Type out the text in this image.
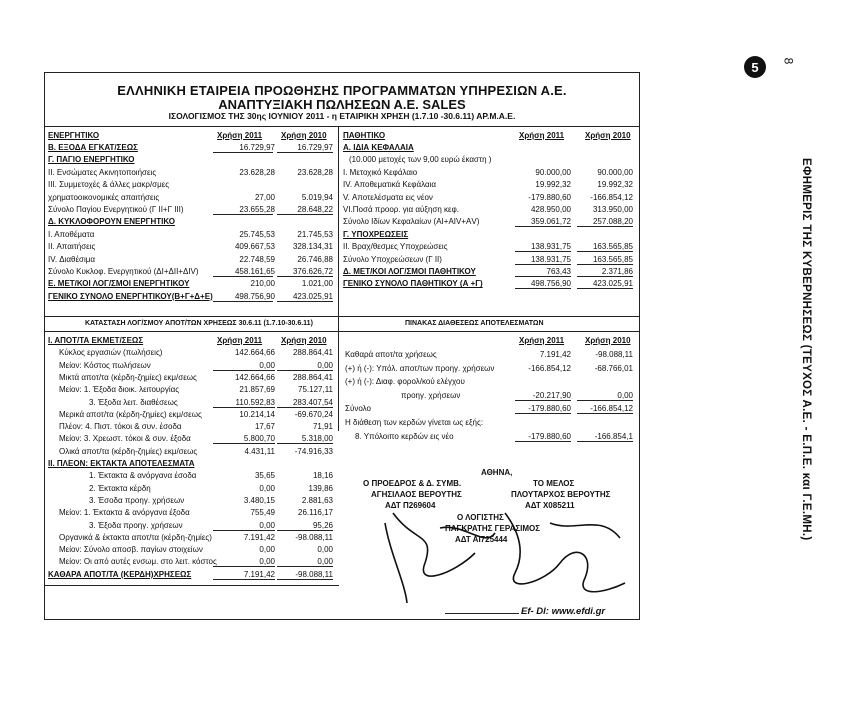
8
5
ΕΦΗΜΕΡΙΣ ΤΗΣ ΚΥΒΕΡΝΗΣΕΩΣ (ΤΕΥΧΟΣ Α.Ε. - Ε.Π.Ε. και Γ.Ε.ΜΗ.)
ΕΛΛΗΝΙΚΗ ΕΤΑΙΡΕΙΑ ΠΡΟΩΘΗΣΗΣ ΠΡΟΓΡΑΜΜΑΤΩΝ ΥΠΗΡΕΣΙΩΝ Α.Ε.
ΑΝΑΠΤΥΞΙΑΚΗ ΠΩΛΗΣΕΩΝ Α.Ε. SALES
ΙΣΟΛΟΓΙΣΜΟΣ ΤΗΣ 30ης ΙΟΥΝΙΟΥ 2011 - η ΕΤΑΙΡΙΚΗ ΧΡΗΣΗ (1.7.10 -30.6.11) ΑΡ.Μ.Α.Ε.
ΕΝΕΡΓΗΤΙΚΟ	Χρήση 2011 Χρήση 2010 ΠΑΘΗΤΙΚΟ	Χρήση 2011	Χρήση 2010
Β. ΕΞΟΔΑ ΕΓΚΑΤ/ΣΕΩΣ	16.729,97	16.729,97
Γ. ΠΑΓΙΟ ΕΝΕΡΓΗΤΙΚΟ
ΙΙ. Ενσώματες Ακινητοποιήσεις	23.628,28	23.628,28
ΙΙΙ. Συμμετοχές & άλλες μακρ/σμες
χρηματοοικονομικές απαιτήσεις	27,00	5.019,94
Σύνολο Παγίου Ενεργητικού (Γ ΙΙ+Γ ΙΙΙ)	23.655,28	28.648,22
Δ. ΚΥΚΛΟΦΟΡΟΥΝ ΕΝΕΡΓΗΤΙΚΟ
Ι. Αποθέματα	25.745,53	21.745,53
ΙΙ. Απαιτήσεις	409.667,53	328.134,31
ΙV. Διαθέσιμα	22.748,59	26.746,88
Σύνολο Κυκλοφ. Ενεργητικού (ΔΙ+ΔΙΙ+ΔΙV)	458.161,65	376.626,72
Ε. ΜΕΤ/ΚΟΙ ΛΟΓ/ΣΜΟΙ ΕΝΕΡΓΗΤΙΚΟΥ	210,00	1.021,00
ΓΕΝΙΚΟ ΣΥΝΟΛΟ ΕΝΕΡΓΗΤΙΚΟΥ(Β+Γ+Δ+Ε)	498.756,90	423.025,91
Α. ΙΔΙΑ ΚΕΦΑΛΑΙΑ
(10.000 μετοχές των 9,00 ευρώ έκαστη )
Ι. Μετοχικό Κεφάλαιο	90.000,00	90.000,00
ΙV. Αποθεματικά Κεφάλαια	19.992,32	19.992,32
V. Αποτελέσματα εις νέον	-179.880,60	-166.854,12
VI.Ποσά προορ. για αύξηση κεφ.	428.950,00	313.950,00
Σύνολο Ιδίων Κεφαλαίων (ΑΙ+ΑΙV+ΑV)	359.061,72	257.088,20
Γ. ΥΠΟΧΡΕΩΣΕΙΣ
ΙΙ. Βραχ/θεσμες Υποχρεώσεις	138.931,75	163.565,85
Σύνολο Υποχρεώσεων (Γ ΙΙ)	138.931,75	163.565,85
Δ. ΜΕΤ/ΚΟΙ ΛΟΓ/ΣΜΟΙ ΠΑΘΗΤΙΚΟΥ	763,43	2.371,86
ΓΕΝΙΚΟ ΣΥΝΟΛΟ ΠΑΘΗΤΙΚΟΥ (Α +Γ)	498.756,90	423.025,91
ΚΑΤΑΣΤΑΣΗ ΛΟΓ/ΣΜΟΥ ΑΠΟΤ/ΤΩΝ ΧΡΗΣΕΩΣ 30.6.11 (1.7.10-30.6.11)	ΠΙΝΑΚΑΣ ΔΙΑΘΕΣΕΩΣ ΑΠΟΤΕΛΕΣΜΑΤΩΝ
Χρήση 2011 Χρήση 2010
Ι. ΑΠΟΤ/ΤΑ ΕΚΜΕΤ/ΣΕΩΣ
Κύκλος εργασιών (πωλήσεις)	142.664,66	288.864,41
Μείον: Κόστος πωλήσεων	0,00	0,00
Μικτά αποτ/τα (κέρδη-ζημίες) εκμ/σεως	142.664,66	288.864,41
Μείον: 1. Έξοδα διοικ. λειτουργίας	21.857,69	75.127,11
3. Έξοδα λειτ. διαθέσεως	110.592,83	283.407,54
Μερικά αποτ/τα (κέρδη-ζημίες) εκμ/σεως	10.214,14	-69.670,24
Πλέον: 4. Πιστ. τόκοι & συν. έσοδα	17,67	71,91
Μείον: 3. Χρεωστ. τόκοι & συν. έξοδα	5.800,70	5.318,00
Ολικά αποτ/τα (κέρδη-ζημίες) εκμ/σεως	4.431,11	-74.916,33
ΙΙ. ΠΛΕΟΝ: ΕΚΤΑΚΤΑ ΑΠΟΤΕΛΕΣΜΑΤΑ
1. Έκτακτα & ανόργανα έσοδα	35,65	18,16
2. Έκτακτα κέρδη	0,00	139,86
3. Έσοδα προηγ. χρήσεων	3.480,15	2.881,63
Μείον: 1. Έκτακτα & ανόργανα έξοδα	755,49	26.116,17
3. Έξοδα προηγ. χρήσεων	0,00	95,26
Οργανικά & έκτακτα αποτ/τα (κέρδη-ζημίες)	7.191,42	-98.088,11
Μείον: Σύνολο αποσβ. παγίων στοιχείων	0,00	0,00
Μείον: Οι από αυτές ενσωμ. στο λειτ. κόστος	0,00	0,00
ΚΑΘΑΡΑ ΑΠΟΤ/ΤΑ (ΚΕΡΔΗ)ΧΡΗΣΕΩΣ	7.191,42	-98.088,11
Χρήση 2011	Χρήση 2010
Καθαρά αποτ/τα χρήσεως	7.191,42	-98.088,11
(+) ή (-): Υπόλ. αποτ/των προηγ. χρήσεων	-166.854,12	-68.766,01
(+) ή (-): Διαφ. φορολ/κού ελέγχου
προηγ. χρήσεων	-20.217,90	0,00
Σύνολο	-179.880,60	-166.854,12
Η διάθεση των κερδών γίνεται ως εξής:
8. Υπόλοιπο κερδών εις νέο	-179.880,60	-166.854,1
ΑΘΗΝΑ,
Ο ΠΡΟΕΔΡΟΣ & Δ. ΣΥΜΒ.	ΤΟ ΜΕΛΟΣ
ΑΓΗΣΙΛΑΟΣ ΒΕΡΟΥΤΗΣ	ΠΛΟΥΤΑΡΧΟΣ ΒΕΡΟΥΤΗΣ
ΑΔΤ Π269604	ΑΔΤ Χ085211
Ο ΛΟΓΙΣΤΗΣ
ΠΑΓΚΡΑΤΗΣ ΓΕΡΑΣΙΜΟΣ
ΑΔΤ ΑΙ725444
Ef- Dl: www.efdi.gr
